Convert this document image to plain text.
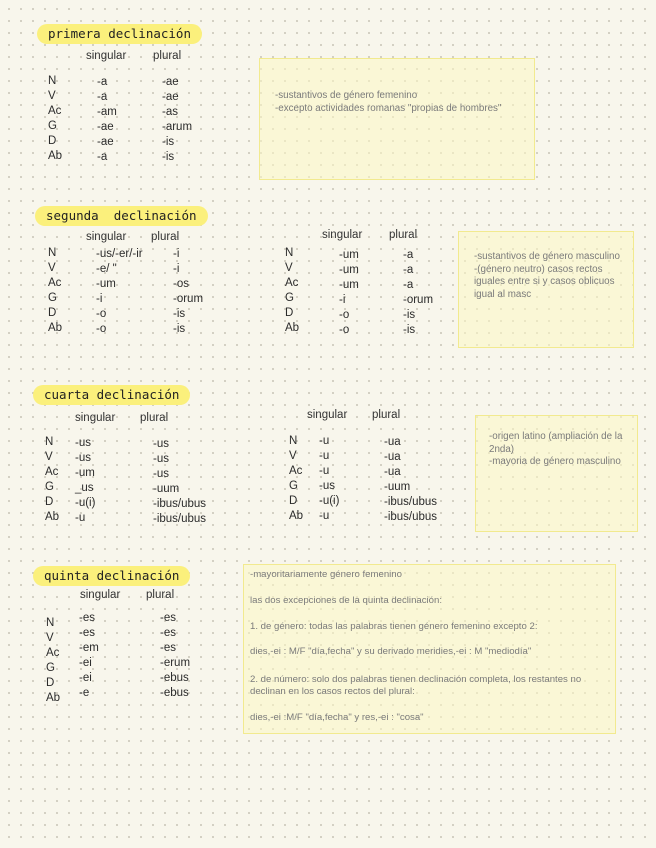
primera declinación
singular plural
N
V
Ac
G
D
Ab
-a
-a
-am
-ae
-ae
-a
-ae
-ae
-as
-arum
-is
-is
-sustantivos de género femenino
-excepto actividades romanas "propias de hombres"
segunda  declinación
singular plural
N
V
Ac
G
D
Ab
-us/-er/-ir
-e/ "
-um
-i
-o
-o
-i
-i
-os
-orum
-is
-is
singular plural
N
V
Ac
G
D
Ab
-um
-um
-um
-i
-o
-o
-a
-a
-a
-orum
-is
-is
-sustantivos de género masculino
-(género neutro) casos rectos iguales entre si y casos oblicuos igual al masc
cuarta declinación
singular plural
N
V
Ac
G
D
Ab
-us
-us
-um
_us
-u(i)
-u
-us
-us
-us
-uum
-ibus/ubus
-ibus/ubus
singular plural
N
V
Ac
G
D
Ab
-u
-u
-u
-us
-u(i)
-u
-ua
-ua
-ua
-uum
-ibus/ubus
-ibus/ubus
-origen latino (ampliación de la 2nda)
-mayoria de género masculino
quinta declinación
singular plural
N
V
Ac
G
D
Ab
-es
-es
-em
-ei
-ei
-e
-es
-es
-es
-erum
-ebus
-ebus
-mayoritariamente género femenino
las dos excepciones de la quinta declinación:
1. de género: todas las palabras tienen género femenino excepto 2:
dies,-ei : M/F "día,fecha" y su derivado meridies,-ei : M "mediodía"
2. de número: solo dos palabras tienen declinación completa, los restantes no declinan en los casos rectos del plural:
dies,-ei :M/F "día,fecha" y res,-ei : "cosa"
